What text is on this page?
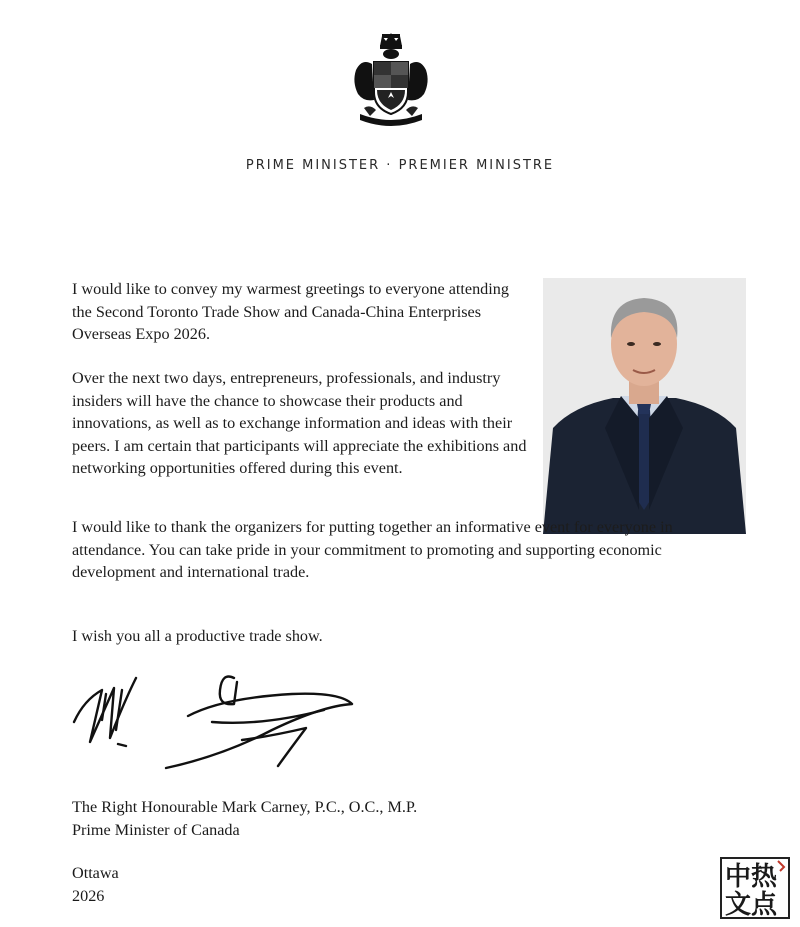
PRIME MINISTER · PREMIER MINISTRE

I would like to convey my warmest greetings to everyone attending the Second Toronto Trade Show and Canada-China Enterprises Overseas Expo 2026.

Over the next two days, entrepreneurs, professionals, and industry insiders will have the chance to showcase their products and innovations, as well as to exchange information and ideas with their peers. I am certain that participants will appreciate the exhibitions and networking opportunities offered during this event.

I would like to thank the organizers for putting together an informative event for everyone in attendance. You can take pride in your commitment to promoting and supporting economic development and international trade.

I wish you all a productive trade show.

The Right Honourable Mark Carney, P.C., O.C., M.P.
Prime Minister of Canada
Ottawa
2026
中热
文点
